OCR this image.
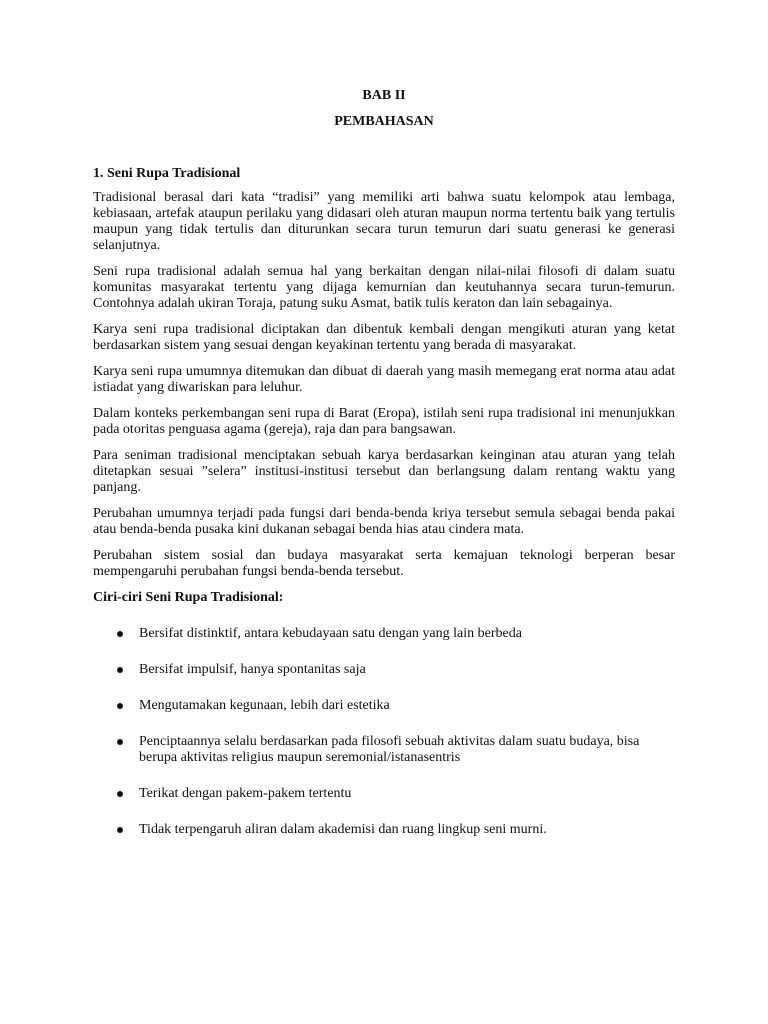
BAB II
PEMBAHASAN

1. Seni Rupa Tradisional

Tradisional berasal dari kata “tradisi” yang memiliki arti bahwa suatu kelompok atau lembaga, kebiasaan, artefak ataupun perilaku yang didasari oleh aturan maupun norma tertentu baik yang tertulis maupun yang tidak tertulis dan diturunkan secara turun temurun dari suatu generasi ke generasi selanjutnya.

Seni rupa tradisional adalah semua hal yang berkaitan dengan nilai-nilai filosofi di dalam suatu komunitas masyarakat tertentu yang dijaga kemurnian dan keutuhannya secara turun-temurun. Contohnya adalah ukiran Toraja, patung suku Asmat, batik tulis keraton dan lain sebagainya.

Karya seni rupa tradisional diciptakan dan dibentuk kembali dengan mengikuti aturan yang ketat berdasarkan sistem yang sesuai dengan keyakinan tertentu yang berada di masyarakat.

Karya seni rupa umumnya ditemukan dan dibuat di daerah yang masih memegang erat norma atau adat istiadat yang diwariskan para leluhur.

Dalam konteks perkembangan seni rupa di Barat (Eropa), istilah seni rupa tradisional ini menunjukkan pada otoritas penguasa agama (gereja), raja dan para bangsawan.

Para seniman tradisional menciptakan sebuah karya berdasarkan keinginan atau aturan yang telah ditetapkan sesuai ”selera” institusi-institusi tersebut dan berlangsung dalam rentang waktu yang panjang.

Perubahan umumnya terjadi pada fungsi dari benda-benda kriya tersebut semula sebagai benda pakai atau benda-benda pusaka kini dukanan sebagai benda hias atau cindera mata.

Perubahan sistem sosial dan budaya masyarakat serta kemajuan teknologi berperan besar mempengaruhi perubahan fungsi benda-benda tersebut.

Ciri-ciri Seni Rupa Tradisional:

Bersifat distinktif, antara kebudayaan satu dengan yang lain berbeda
Bersifat impulsif, hanya spontanitas saja
Mengutamakan kegunaan, lebih dari estetika
Penciptaannya selalu berdasarkan pada filosofi sebuah aktivitas dalam suatu budaya, bisa berupa aktivitas religius maupun seremonial/istanasentris
Terikat dengan pakem-pakem tertentu
Tidak terpengaruh aliran dalam akademisi dan ruang lingkup seni murni.
